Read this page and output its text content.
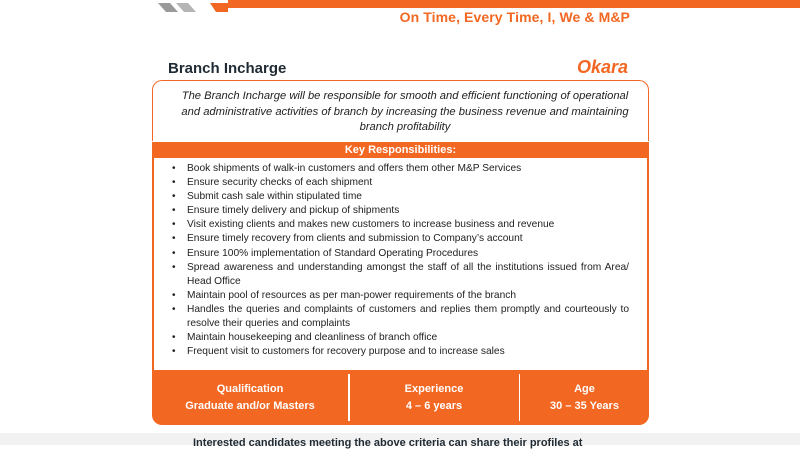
On Time, Every Time, I, We & M&P
Branch Incharge	Okara
The Branch Incharge will be responsible for smooth and efficient functioning of operational and administrative activities of branch by increasing the business revenue and maintaining branch profitability
Key Responsibilities:
• Book shipments of walk-in customers and offers them other M&P Services
• Ensure security checks of each shipment
• Submit cash sale within stipulated time
• Ensure timely delivery and pickup of shipments
• Visit existing clients and makes new customers to increase business and revenue
• Ensure timely recovery from clients and submission to Company’s account
• Ensure 100% implementation of Standard Operating Procedures
• Spread awareness and understanding amongst the staff of all the institutions issued from Area/ Head Office
• Maintain pool of resources as per man-power requirements of the branch
• Handles the queries and complaints of customers and replies them promptly and courteously to resolve their queries and complaints
• Maintain housekeeping and cleanliness of branch office
• Frequent visit to customers for recovery purpose and to increase sales
Qualification
Graduate and/or Masters
Experience
4 – 6 years
Age
30 – 35 Years
Interested candidates meeting the above criteria can share their profiles at
